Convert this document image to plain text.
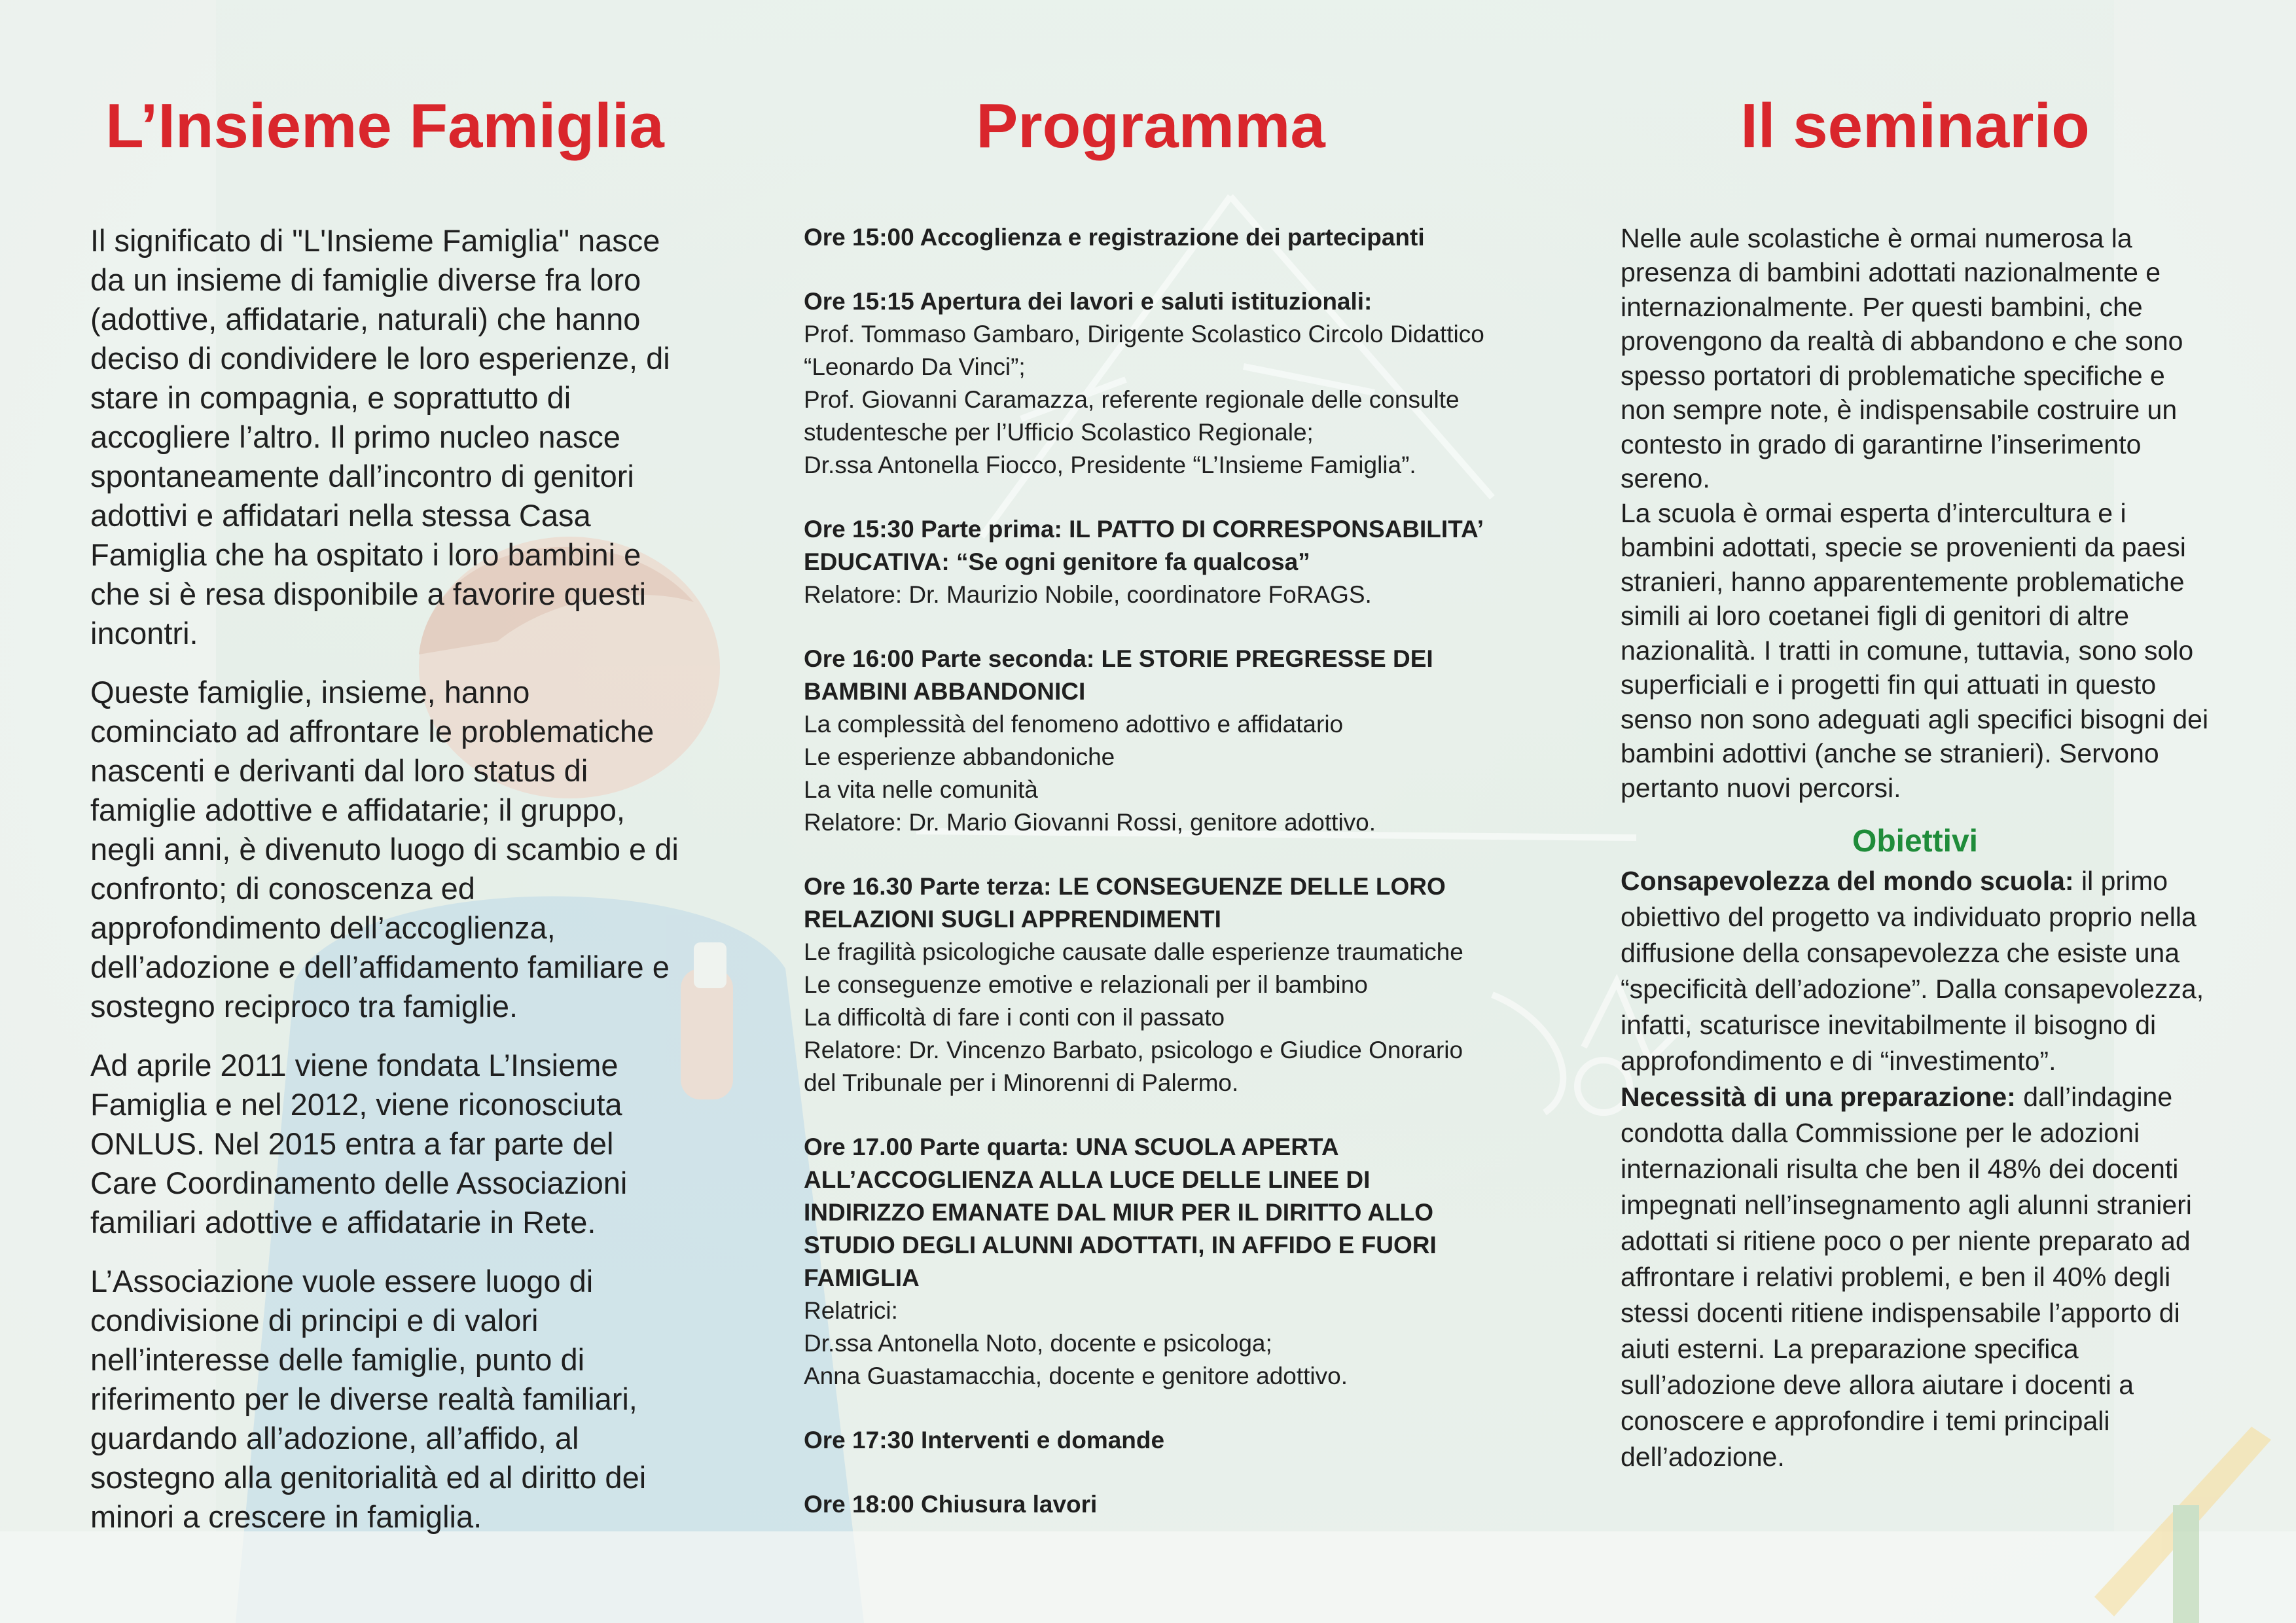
L’Insieme Famiglia

Il significato di "L'Insieme Famiglia" nasce da un insieme di famiglie diverse fra loro (adottive, affidatarie, naturali) che hanno deciso di condividere le loro esperienze, di stare in compagnia, e soprattutto di accogliere l’altro. Il primo nucleo nasce spontaneamente dall’incontro di genitori adottivi e affidatari nella stessa Casa Famiglia che ha ospitato i loro bambini e che si è resa disponibile a favorire questi incontri.

Queste famiglie, insieme, hanno cominciato ad affrontare le problematiche nascenti e derivanti dal loro status di famiglie adottive e affidatarie; il gruppo, negli anni, è divenuto luogo di scambio e di confronto; di conoscenza ed approfondimento dell’accoglienza, dell’adozione e dell’affidamento familiare e sostegno reciproco tra famiglie.

Ad aprile 2011 viene fondata L’Insieme Famiglia e nel 2012, viene riconosciuta ONLUS. Nel 2015 entra a far parte del Care Coordinamento delle Associazioni familiari adottive e affidatarie in Rete.

L’Associazione vuole essere luogo di condivisione di principi e di valori nell’interesse delle famiglie, punto di riferimento per le diverse realtà familiari, guardando all’adozione, all’affido, al sostegno alla genitorialità ed al diritto dei minori a crescere in famiglia.

Programma
Ore 15:00 Accoglienza e registrazione dei partecipanti
Ore 15:15 Apertura dei lavori e saluti istituzionali:
Prof. Tommaso Gambaro, Dirigente Scolastico Circolo Didattico “Leonardo Da Vinci”;
Prof. Giovanni Caramazza, referente regionale delle consulte studentesche per l’Ufficio Scolastico Regionale;
Dr.ssa Antonella Fiocco, Presidente “L’Insieme Famiglia”.
Ore 15:30 Parte prima: IL PATTO DI CORRESPONSABILITA’ EDUCATIVA: “Se ogni genitore fa qualcosa”
Relatore: Dr. Maurizio Nobile, coordinatore FoRAGS.
Ore 16:00 Parte seconda: LE STORIE PREGRESSE DEI BAMBINI ABBANDONICI
La complessità del fenomeno adottivo e affidatario
Le esperienze abbandoniche
La vita nelle comunità
Relatore: Dr. Mario Giovanni Rossi, genitore adottivo.
Ore 16.30 Parte terza: LE CONSEGUENZE DELLE LORO RELAZIONI SUGLI APPRENDIMENTI
Le fragilità psicologiche causate dalle esperienze traumatiche
Le conseguenze emotive e relazionali per il bambino
La difficoltà di fare i conti con il passato
Relatore: Dr. Vincenzo Barbato, psicologo e Giudice Onorario del Tribunale per i Minorenni di Palermo.
Ore 17.00 Parte quarta: UNA SCUOLA APERTA ALL’ACCOGLIENZA ALLA LUCE DELLE LINEE DI INDIRIZZO EMANATE DAL MIUR PER IL DIRITTO ALLO STUDIO DEGLI ALUNNI ADOTTATI, IN AFFIDO E FUORI FAMIGLIA
Relatrici:
Dr.ssa Antonella Noto, docente e psicologa;
Anna Guastamacchia, docente e genitore adottivo.
Ore 17:30 Interventi e domande
Ore 18:00 Chiusura lavori
Il seminario

Nelle aule scolastiche è ormai numerosa la presenza di bambini adottati nazionalmente e internazionalmente. Per questi bambini, che provengono da realtà di abbandono e che sono spesso portatori di problematiche specifiche e non sempre note, è indispensabile costruire un contesto in grado di garantirne l’inserimento sereno.

La scuola è ormai esperta d’intercultura e i bambini adottati, specie se provenienti da paesi stranieri, hanno apparentemente problematiche simili ai loro coetanei figli di genitori di altre nazionalità. I tratti in comune, tuttavia, sono solo superficiali e i progetti fin qui attuati in questo senso non sono adeguati agli specifici bisogni dei bambini adottivi (anche se stranieri). Servono pertanto nuovi percorsi.

Obiettivi

Consapevolezza del mondo scuola: il primo obiettivo del progetto va individuato proprio nella diffusione della consapevolezza che esiste una “specificità dell’adozione”. Dalla consapevolezza, infatti, scaturisce inevitabilmente il bisogno di approfondimento e di “investimento”.

Necessità di una preparazione: dall’indagine condotta dalla Commissione per le adozioni internazionali risulta che ben il 48% dei docenti impegnati nell’insegnamento agli alunni stranieri adottati si ritiene poco o per niente preparato ad affrontare i relativi problemi, e ben il 40% degli stessi docenti ritiene indispensabile l’apporto di aiuti esterni. La preparazione specifica sull’adozione deve allora aiutare i docenti a conoscere e approfondire i temi principali dell’adozione.
